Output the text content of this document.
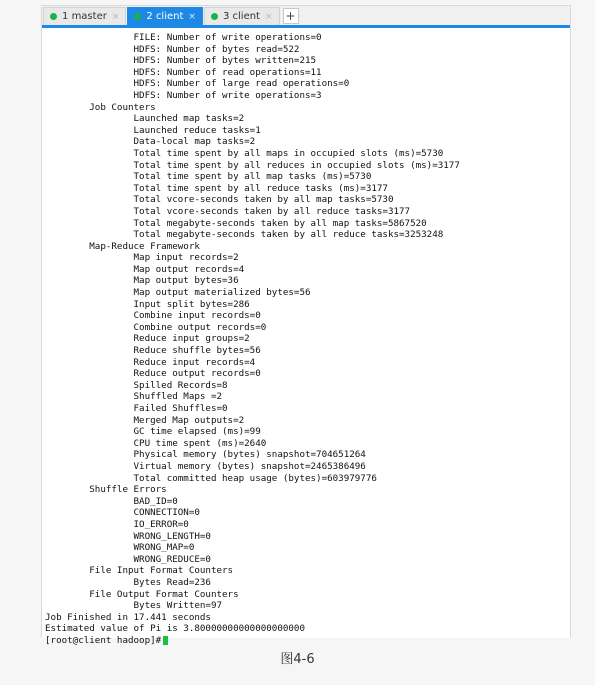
1 master ×	2 client ×	3 client × +
		FILE: Number of write operations=0
		HDFS: Number of bytes read=522
		HDFS: Number of bytes written=215
		HDFS: Number of read operations=11
		HDFS: Number of large read operations=0
		HDFS: Number of write operations=3
	Job Counters
		Launched map tasks=2
		Launched reduce tasks=1
		Data-local map tasks=2
		Total time spent by all maps in occupied slots (ms)=5730
		Total time spent by all reduces in occupied slots (ms)=3177
		Total time spent by all map tasks (ms)=5730
		Total time spent by all reduce tasks (ms)=3177
		Total vcore-seconds taken by all map tasks=5730
		Total vcore-seconds taken by all reduce tasks=3177
		Total megabyte-seconds taken by all map tasks=5867520
		Total megabyte-seconds taken by all reduce tasks=3253248
	Map-Reduce Framework
		Map input records=2
		Map output records=4
		Map output bytes=36
		Map output materialized bytes=56
		Input split bytes=286
		Combine input records=0
		Combine output records=0
		Reduce input groups=2
		Reduce shuffle bytes=56
		Reduce input records=4
		Reduce output records=0
		Spilled Records=8
		Shuffled Maps =2
		Failed Shuffles=0
		Merged Map outputs=2
		GC time elapsed (ms)=99
		CPU time spent (ms)=2640
		Physical memory (bytes) snapshot=704651264
		Virtual memory (bytes) snapshot=2465386496
		Total committed heap usage (bytes)=603979776
	Shuffle Errors
		BAD_ID=0
		CONNECTION=0
		IO_ERROR=0
		WRONG_LENGTH=0
		WRONG_MAP=0
		WRONG_REDUCE=0
	File Input Format Counters
		Bytes Read=236
	File Output Format Counters
		Bytes Written=97
Job Finished in 17.441 seconds
Estimated value of Pi is 3.80000000000000000000
[root@client hadoop]#
图4-6
